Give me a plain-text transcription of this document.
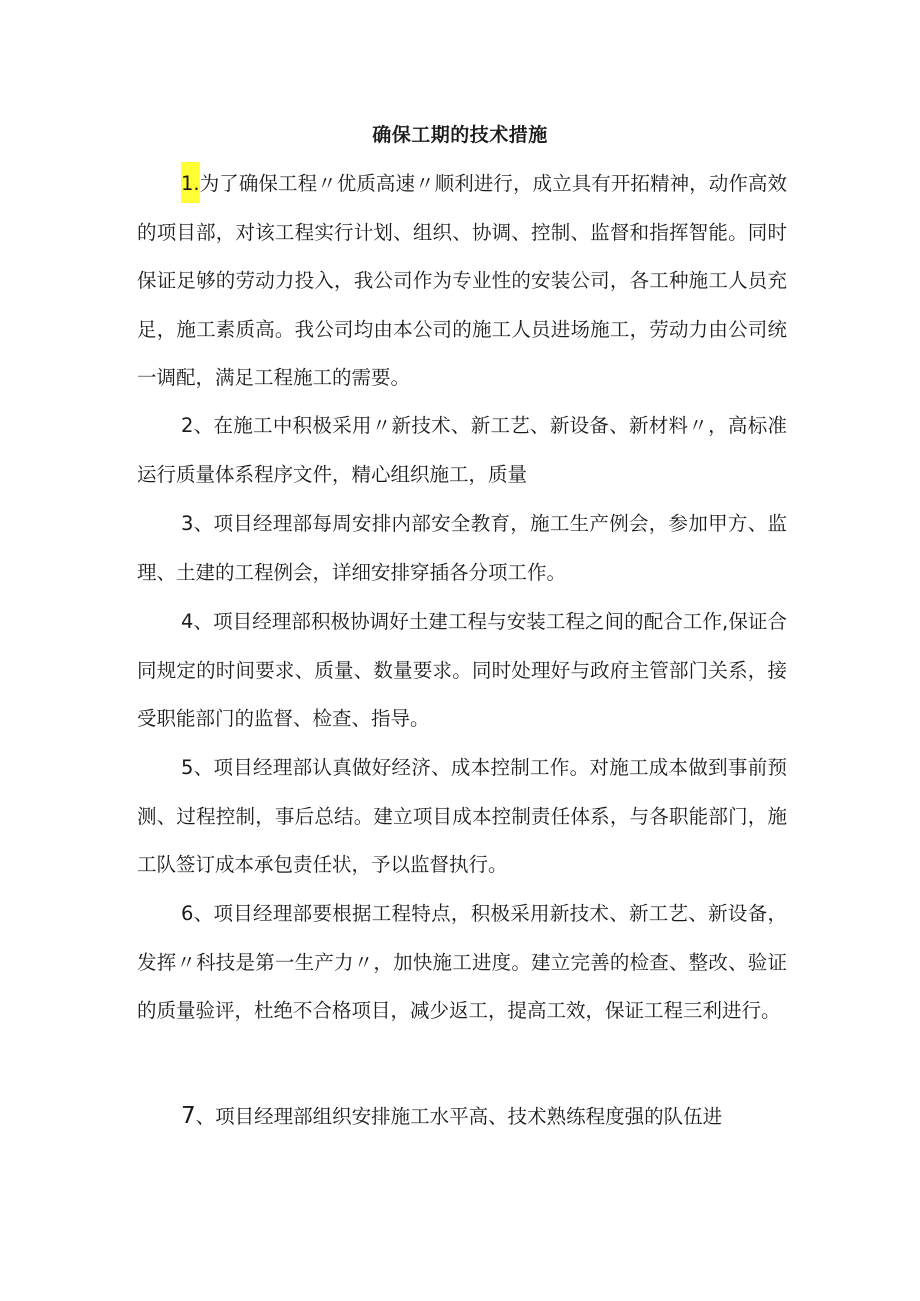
确保工期的技术措施

1.为了确保工程〃优质高速〃顺利进行，成立具有开拓精神，动作高效的项目部，对该工程实行计划、组织、协调、控制、监督和指挥智能。同时保证足够的劳动力投入，我公司作为专业性的安装公司，各工种施工人员充足，施工素质高。我公司均由本公司的施工人员进场施工，劳动力由公司统一调配，满足工程施工的需要。

2、在施工中积极采用〃新技术、新工艺、新设备、新材料〃，高标准运行质量体系程序文件，精心组织施工，质量

3、项目经理部每周安排内部安全教育，施工生产例会，参加甲方、监理、土建的工程例会，详细安排穿插各分项工作。

4、项目经理部积极协调好土建工程与安装工程之间的配合工作,保证合同规定的时间要求、质量、数量要求。同时处理好与政府主管部门关系，接受职能部门的监督、检查、指导。

5、项目经理部认真做好经济、成本控制工作。对施工成本做到事前预测、过程控制，事后总结。建立项目成本控制责任体系，与各职能部门，施工队签订成本承包责任状，予以监督执行。

6、项目经理部要根据工程特点，积极采用新技术、新工艺、新设备，发挥〃科技是第一生产力〃，加快施工进度。建立完善的检查、整改、验证的质量验评，杜绝不合格项目，减少返工，提高工效，保证工程三利进行。

7、项目经理部组织安排施工水平高、技术熟练程度强的队伍进
